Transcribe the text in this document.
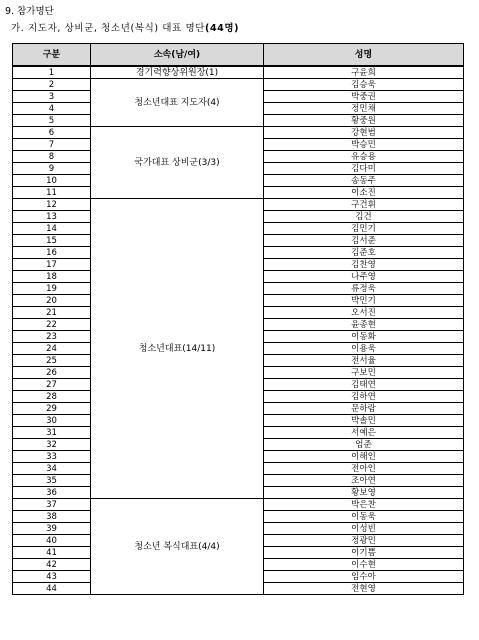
9. 참가명단
가. 지도자, 상비군, 청소년(복식) 대표 명단(44명)
구분	소속(남/여)	성명
1	경기력향상위원장(1)	구윤희
2	청소년대표 지도자(4)	김승욱
3		박중권
4		정민채
5		황중원
6	국가대표 상비군(3/3)	강현범
7		박승민
8		유승용
9		김다미
10		송동주
11		이소진
12	청소년대표(14/11)	구건휘
13		김건
14		김민기
15		김서준
16		김준호
17		김찬영
18		나주영
19		류정욱
20		박민기
21		오서진
22		윤종현
23		이동화
24		이용욱
25		전서율
26		구보민
27		김태연
28		김하연
29		문하람
30		박솔민
31		서예은
32		엄준
33		이해인
34		전아인
35		조아연
36		황보영
37	청소년 복식대표(4/4)	박은찬
38		이동욱
39		이성빈
40		정광민
41		이기쁨
42		이수현
43		임수아
44		전현영
